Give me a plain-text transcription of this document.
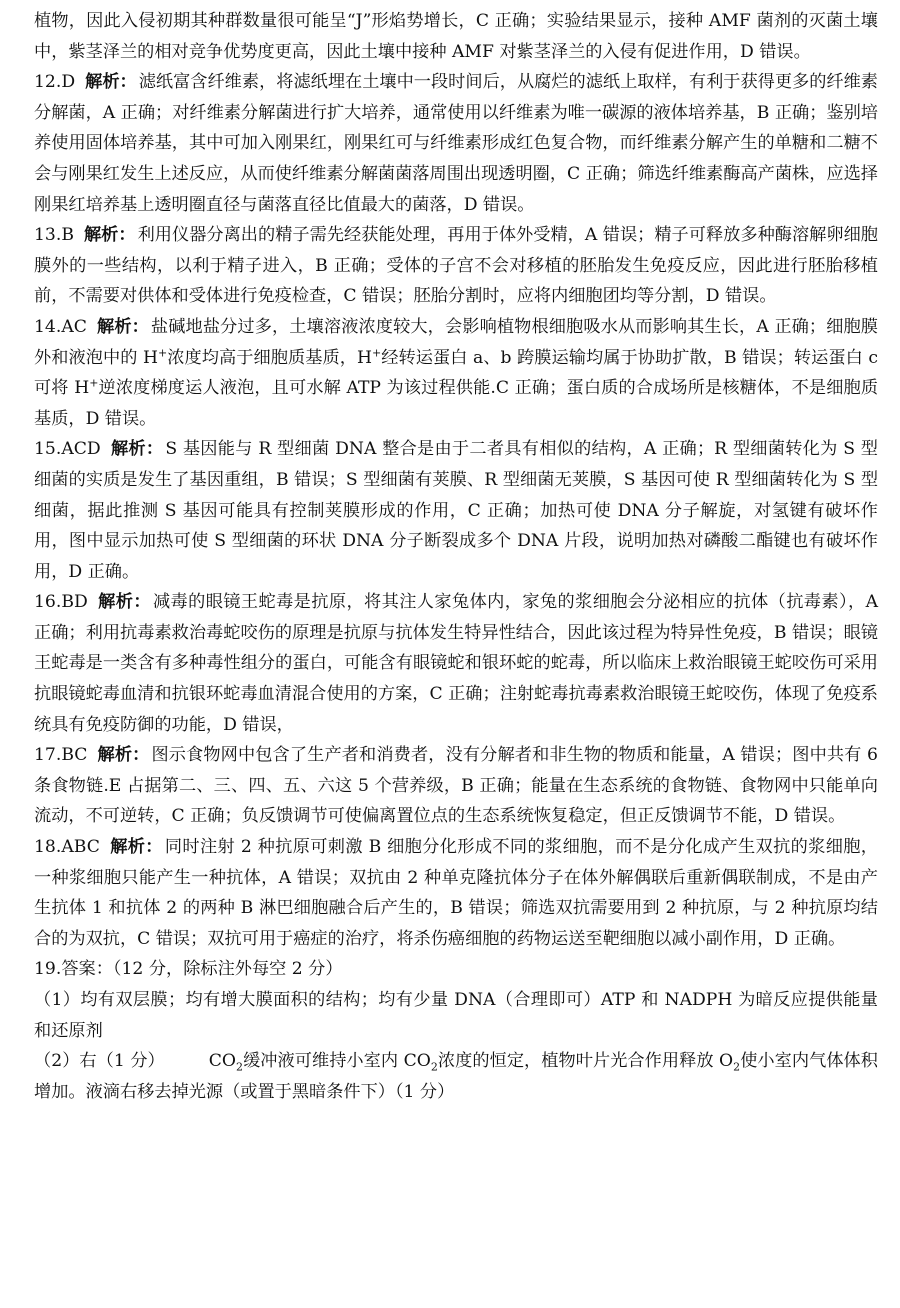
植物，因此入侵初期其种群数量很可能呈“J”形焰势增长，C 正确；实验结果显示，接种 AMF 菌剂的灭菌土壤中，紫茎泽兰的相对竞争优势度更高，因此土壤中接种 AMF 对紫茎泽兰的入侵有促进作用，D 错误。

12.D 解析： 滤纸富含纤维素，将滤纸埋在土壤中一段时间后，从腐烂的滤纸上取样，有利于获得更多的纤维素分解菌，A 正确；对纤维素分解菌进行扩大培养，通常使用以纤维素为唯一碳源的液体培养基，B 正确；鉴别培养使用固体培养基，其中可加入刚果红，刚果红可与纤维素形成红色复合物，而纤维素分解产生的单糖和二糖不会与刚果红发生上述反应，从而使纤维素分解菌菌落周围出现透明圈，C 正确；筛选纤维素酶高产菌株，应选择刚果红培养基上透明圈直径与菌落直径比值最大的菌落，D 错误。

13.B 解析： 利用仪器分离出的精子需先经获能处理，再用于体外受精，A 错误；精子可释放多种酶溶解卵细胞膜外的一些结构，以利于精子进入，B 正确；受体的子宫不会对移植的胚胎发生免疫反应，因此进行胚胎移植前，不需要对供体和受体进行免疫检查，C 错误；胚胎分割时，应将内细胞团均等分割，D 错误。

14.AC 解析： 盐碱地盐分过多，土壤溶液浓度较大，会影响植物根细胞吸水从而影响其生长，A 正确；细胞膜外和液泡中的 H+浓度均高于细胞质基质，H+经转运蛋白 a、b 跨膜运输均属于协助扩散，B 错误；转运蛋白 c 可将 H+逆浓度梯度运人液泡，且可水解 ATP 为该过程供能.C 正确；蛋白质的合成场所是核糖体，不是细胞质基质，D 错误。

15.ACD 解析： S 基因能与 R 型细菌 DNA 整合是由于二者具有相似的结构，A 正确；R 型细菌转化为 S 型细菌的实质是发生了基因重组，B 错误；S 型细菌有荚膜、R 型细菌无荚膜，S 基因可使 R 型细菌转化为 S 型细菌，据此推测 S 基因可能具有控制荚膜形成的作用，C 正确；加热可使 DNA 分子解旋，对氢键有破坏作用，图中显示加热可使 S 型细菌的环状 DNA 分子断裂成多个 DNA 片段，说明加热对磷酸二酯键也有破坏作用，D 正确。

16.BD 解析： 减毒的眼镜王蛇毒是抗原，将其注人家兔体内，家兔的浆细胞会分泌相应的抗体（抗毒素），A 正确；利用抗毒素救治毒蛇咬伤的原理是抗原与抗体发生特异性结合，因此该过程为特异性免疫，B 错误；眼镜王蛇毒是一类含有多种毒性组分的蛋白，可能含有眼镜蛇和银环蛇的蛇毒，所以临床上救治眼镜王蛇咬伤可采用抗眼镜蛇毒血清和抗银环蛇毒血清混合使用的方案，C 正确；注射蛇毒抗毒素救治眼镜王蛇咬伤，体现了免疫系统具有免疫防御的功能，D 错误，

17.BC 解析： 图示食物网中包含了生产者和消费者，没有分解者和非生物的物质和能量，A 错误；图中共有 6 条食物链.E 占据第二、三、四、五、六这 5 个营养级，B 正确；能量在生态系统的食物链、食物网中只能单向流动，不可逆转，C 正确；负反馈调节可使偏离置位点的生态系统恢复稳定，但正反馈调节不能，D 错误。

18.ABC 解析： 同时注射 2 种抗原可刺激 B 细胞分化形成不同的浆细胞，而不是分化成产生双抗的浆细胞，一种浆细胞只能产生一种抗体，A 错误；双抗由 2 种单克隆抗体分子在体外解偶联后重新偶联制成，不是由产生抗体 1 和抗体 2 的两种 B 淋巴细胞融合后产生的，B 错误；筛选双抗需要用到 2 种抗原，与 2 种抗原均结合的为双抗，C 错误；双抗可用于癌症的治疗，将杀伤癌细胞的药物运送至靶细胞以减小副作用，D 正确。

19.答案：（12 分，除标注外每空 2 分）

（1）均有双层膜；均有增大膜面积的结构；均有少量 DNA（合理即可）ATP 和 NADPH 为暗反应提供能量和还原剂

（2）右（1 分）	$CO_2$缓冲液可维持小室内 $CO_2$浓度的恒定，植物叶片光合作用释放 $O_2$使小室内气体体积增加。液滴右移去掉光源（或置于黑暗条件下）（1 分）
